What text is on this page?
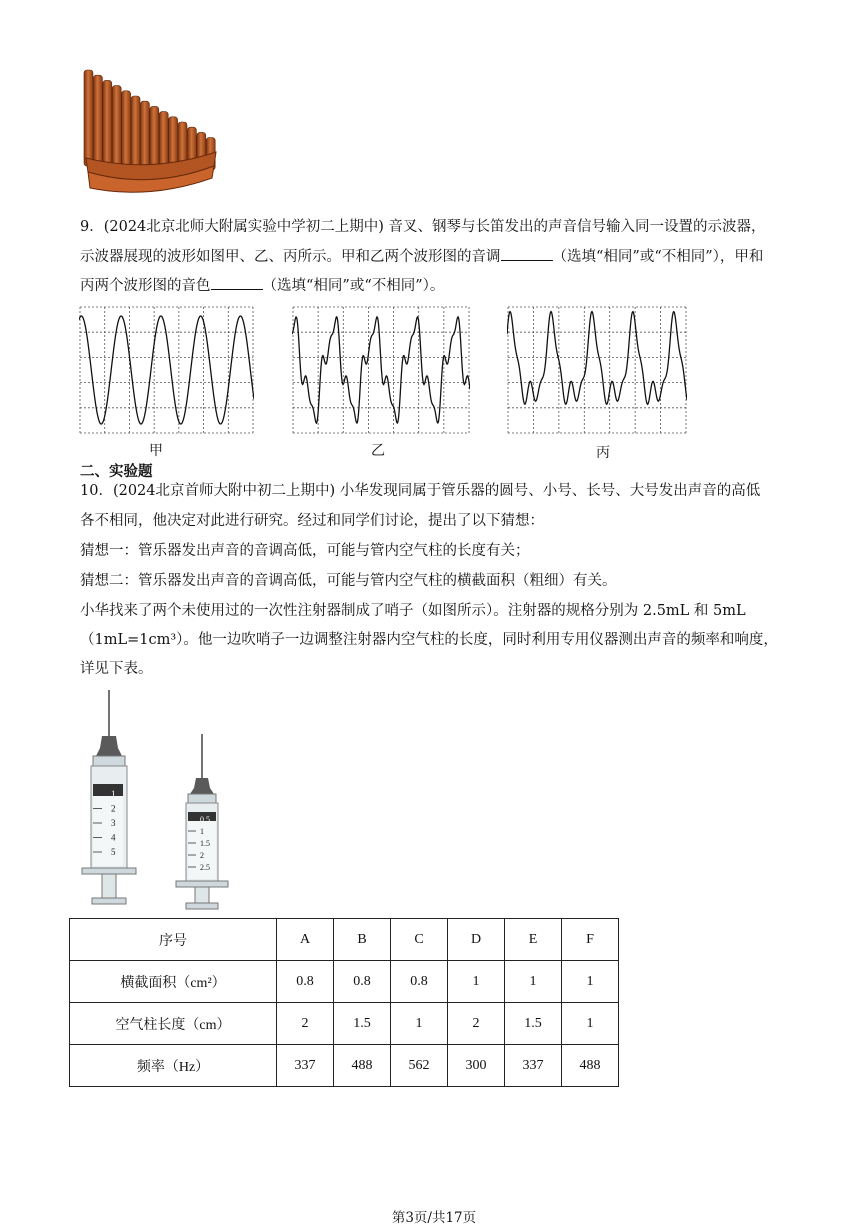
9．(2024北京北师大附属实验中学初二上期中) 音叉、钢琴与长笛发出的声音信号输入同一设置的示波器，
示波器展现的波形如图甲、乙、丙所示。甲和乙两个波形图的音调	（选填“相同”或“不相同”），甲和
丙两个波形图的音色	（选填“相同”或“不相同”）。
甲	乙	丙
二、实验题
10．(2024北京首师大附中初二上期中) 小华发现同属于管乐器的圆号、小号、长号、大号发出声音的高低
各不相同，他决定对此进行研究。经过和同学们讨论，提出了以下猜想：
猜想一：管乐器发出声音的音调高低，可能与管内空气柱的长度有关；
猜想二：管乐器发出声音的音调高低，可能与管内空气柱的横截面积（粗细）有关。
小华找来了两个未使用过的一次性注射器制成了哨子（如图所示）。注射器的规格分别为 2.5mL 和 5mL
（1mL=1cm³）。他一边吹哨子一边调整注射器内空气柱的长度，同时利用专用仪器测出声音的频率和响度，
详见下表。
1
2
3
4
5
0.5
1
1.5
2
2.5
序号	A	B	C	D	E	F
横截面积（cm²）	0.8	0.8	0.8	1	1	1
空气柱长度（cm）	2	1.5	1	2	1.5	1
频率（Hz）	337	488	562	300	337	488
第3页/共17页
